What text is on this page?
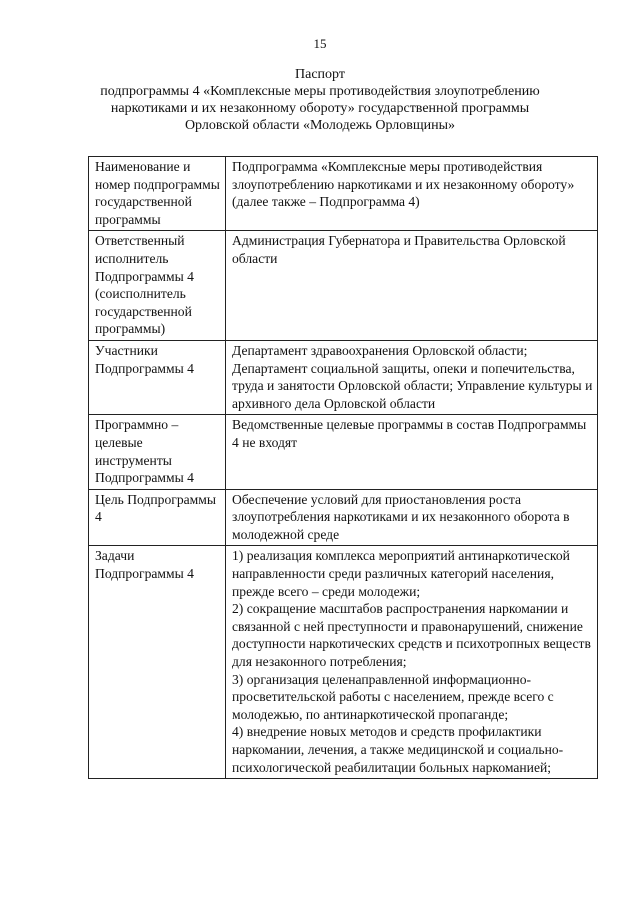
15
Паспорт
подпрограммы 4 «Комплексные меры противодействия злоупотреблению наркотиками и их незаконному обороту» государственной программы Орловской области «Молодежь Орловщины»
Наименование и номер подпрограммы государственной программы	Подпрограмма «Комплексные меры противодействия злоупотреблению наркотиками и их незаконному обороту» (далее также – Подпрограмма 4)
Ответственный исполнитель Подпрограммы 4 (соисполнитель государственной программы)	Администрация Губернатора и Правительства Орловской области
Участники Подпрограммы 4	Департамент здравоохранения Орловской области; Департамент социальной защиты, опеки и попечительства, труда и занятости Орловской области; Управление культуры и архивного дела Орловской области
Программно – целевые инструменты Подпрограммы 4	Ведомственные целевые программы в состав Подпрограммы 4 не входят
Цель Подпрограммы 4	Обеспечение условий для приостановления роста злоупотребления наркотиками и их незаконного оборота в молодежной среде
Задачи Подпрограммы 4	1) реализация комплекса мероприятий антинаркотической направленности среди различных категорий населения, прежде всего – среди молодежи;
2) сокращение масштабов распространения наркомании и связанной с ней преступности и правонарушений, снижение доступности наркотических средств и психотропных веществ для незаконного потребления;
3) организация целенаправленной информационно-просветительской работы с населением, прежде всего с молодежью, по антинаркотической пропаганде;
4) внедрение новых методов и средств профилактики наркомании, лечения, а также медицинской и социально-психологической реабилитации больных наркоманией;
